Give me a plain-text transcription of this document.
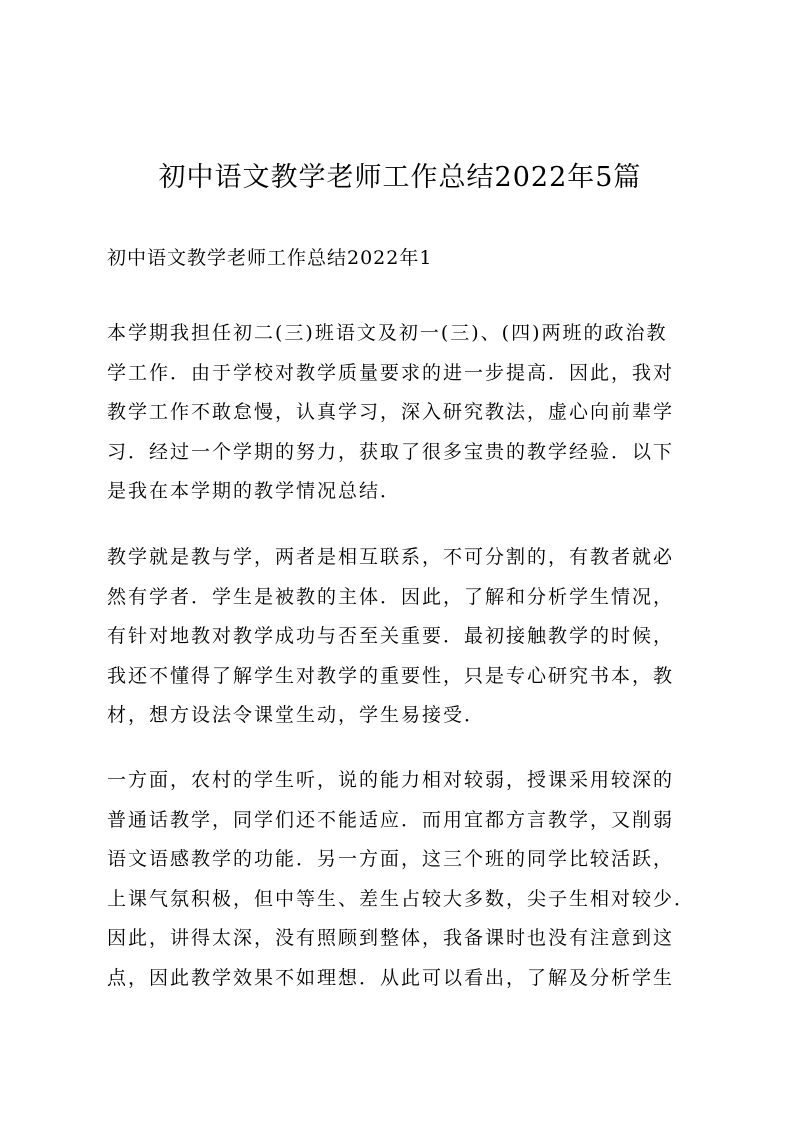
初中语文教学老师工作总结2022年5篇

初中语文教学老师工作总结2022年1

本学期我担任初二(三)班语文及初一(三)、(四)两班的政治教
学工作．由于学校对教学质量要求的进一步提高．因此，我对
教学工作不敢怠慢，认真学习，深入研究教法，虚心向前辈学
习．经过一个学期的努力，获取了很多宝贵的教学经验．以下
是我在本学期的教学情况总结．
教学就是教与学，两者是相互联系，不可分割的，有教者就必
然有学者．学生是被教的主体．因此，了解和分析学生情况，
有针对地教对教学成功与否至关重要．最初接触教学的时候，
我还不懂得了解学生对教学的重要性，只是专心研究书本，教
材，想方设法令课堂生动，学生易接受．
一方面，农村的学生听，说的能力相对较弱，授课采用较深的
普通话教学，同学们还不能适应．而用宜都方言教学，又削弱
语文语感教学的功能．另一方面，这三个班的同学比较活跃，
上课气氛积极，但中等生、差生占较大多数，尖子生相对较少．
因此，讲得太深，没有照顾到整体，我备课时也没有注意到这
点，因此教学效果不如理想．从此可以看出，了解及分析学生
